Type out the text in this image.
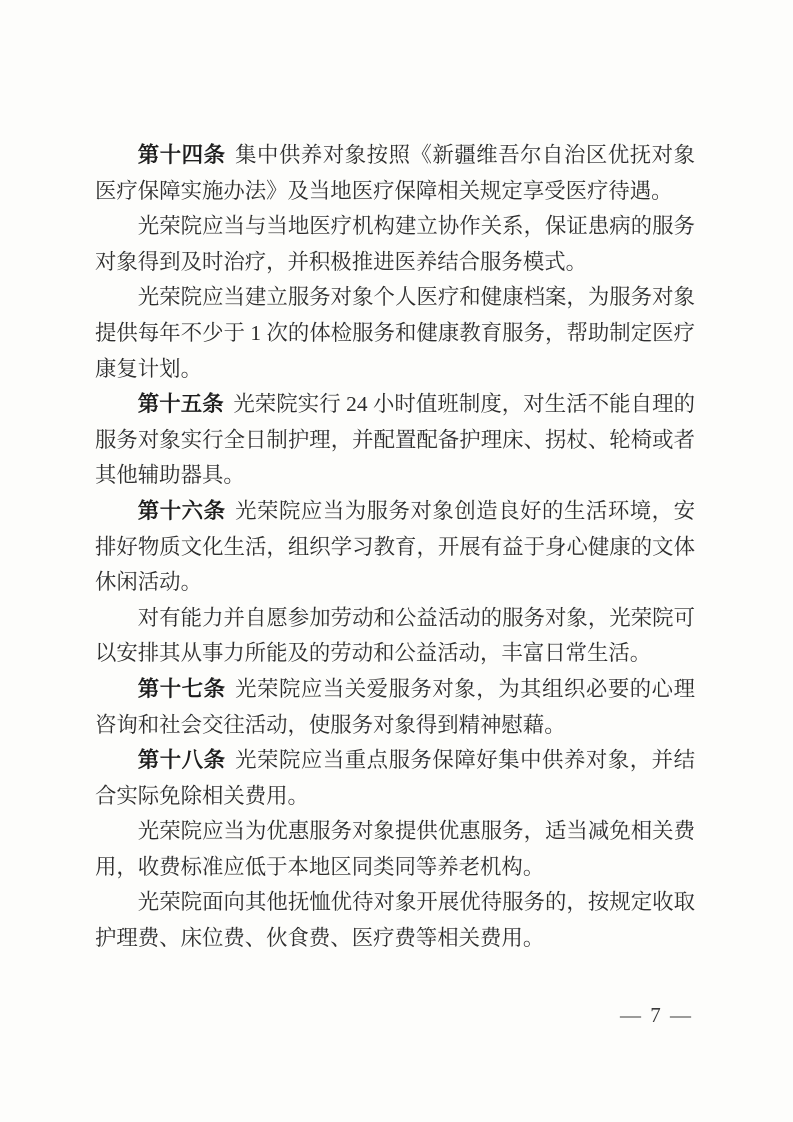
第十四条 集中供养对象按照《新疆维吾尔自治区优抚对象医疗保障实施办法》及当地医疗保障相关规定享受医疗待遇。

光荣院应当与当地医疗机构建立协作关系，保证患病的服务对象得到及时治疗，并积极推进医养结合服务模式。

光荣院应当建立服务对象个人医疗和健康档案，为服务对象提供每年不少于 1 次的体检服务和健康教育服务，帮助制定医疗康复计划。

第十五条 光荣院实行 24 小时值班制度，对生活不能自理的服务对象实行全日制护理，并配置配备护理床、拐杖、轮椅或者其他辅助器具。

第十六条 光荣院应当为服务对象创造良好的生活环境，安排好物质文化生活，组织学习教育，开展有益于身心健康的文体休闲活动。

对有能力并自愿参加劳动和公益活动的服务对象，光荣院可以安排其从事力所能及的劳动和公益活动，丰富日常生活。

第十七条 光荣院应当关爱服务对象，为其组织必要的心理咨询和社会交往活动，使服务对象得到精神慰藉。

第十八条 光荣院应当重点服务保障好集中供养对象，并结合实际免除相关费用。

光荣院应当为优惠服务对象提供优惠服务，适当减免相关费用，收费标准应低于本地区同类同等养老机构。

光荣院面向其他抚恤优待对象开展优待服务的，按规定收取护理费、床位费、伙食费、医疗费等相关费用。

— 7 —
